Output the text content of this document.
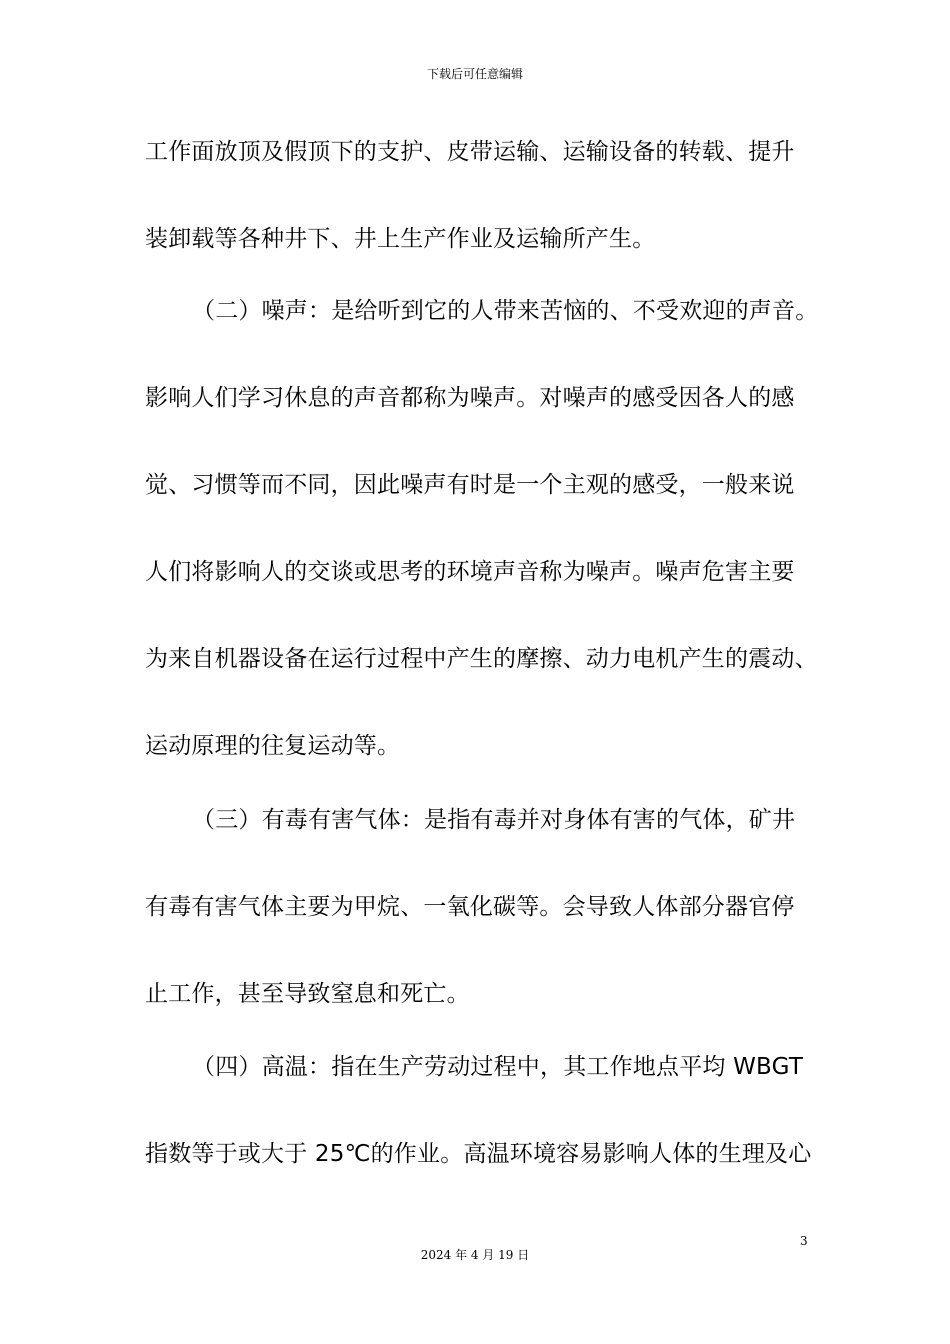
下载后可任意编辑
工作面放顶及假顶下的支护、皮带运输、运输设备的转载、提升
装卸载等各种井下、井上生产作业及运输所产生。
（二）噪声：是给听到它的人带来苦恼的、不受欢迎的声音。
影响人们学习休息的声音都称为噪声。对噪声的感受因各人的感
觉、习惯等而不同，因此噪声有时是一个主观的感受，一般来说
人们将影响人的交谈或思考的环境声音称为噪声。噪声危害主要
为来自机器设备在运行过程中产生的摩擦、动力电机产生的震动、
运动原理的往复运动等。
（三）有毒有害气体：是指有毒并对身体有害的气体，矿井
有毒有害气体主要为甲烷、一氧化碳等。会导致人体部分器官停
止工作，甚至导致窒息和死亡。
（四）高温：指在生产劳动过程中，其工作地点平均 WBGT
指数等于或大于 25℃的作业。高温环境容易影响人体的生理及心
3
2024 年 4 月 19 日
